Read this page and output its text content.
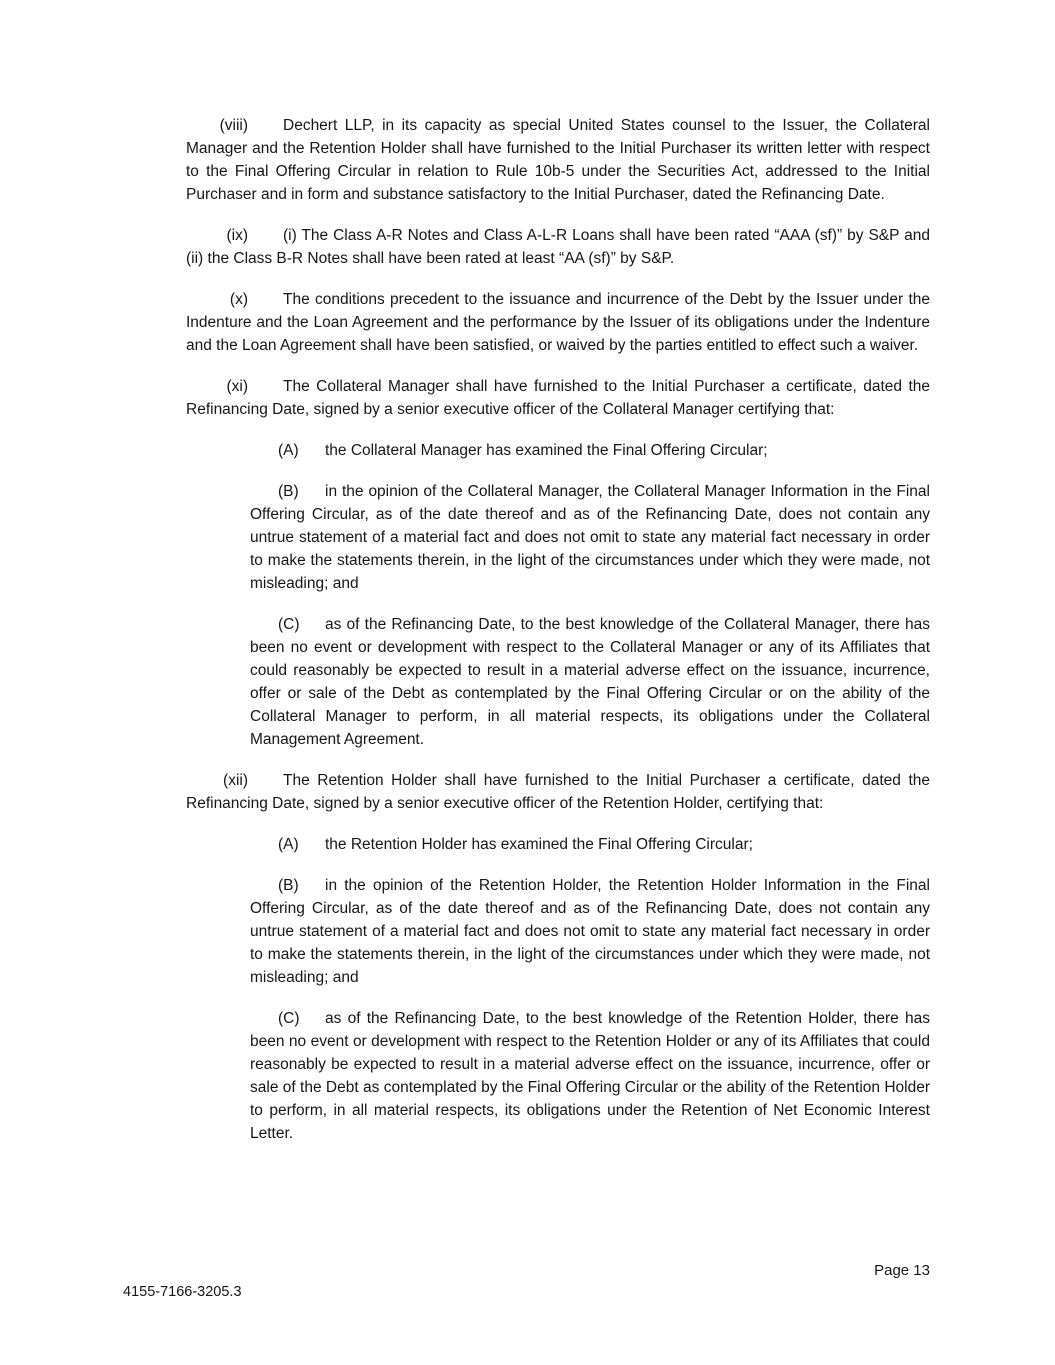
(viii) Dechert LLP, in its capacity as special United States counsel to the Issuer, the Collateral Manager and the Retention Holder shall have furnished to the Initial Purchaser its written letter with respect to the Final Offering Circular in relation to Rule 10b-5 under the Securities Act, addressed to the Initial Purchaser and in form and substance satisfactory to the Initial Purchaser, dated the Refinancing Date.

(ix) (i) The Class A-R Notes and Class A-L-R Loans shall have been rated “AAA (sf)” by S&P and (ii) the Class B-R Notes shall have been rated at least “AA (sf)” by S&P.

(x) The conditions precedent to the issuance and incurrence of the Debt by the Issuer under the Indenture and the Loan Agreement and the performance by the Issuer of its obligations under the Indenture and the Loan Agreement shall have been satisfied, or waived by the parties entitled to effect such a waiver.

(xi) The Collateral Manager shall have furnished to the Initial Purchaser a certificate, dated the Refinancing Date, signed by a senior executive officer of the Collateral Manager certifying that:

(A) the Collateral Manager has examined the Final Offering Circular;

(B) in the opinion of the Collateral Manager, the Collateral Manager Information in the Final Offering Circular, as of the date thereof and as of the Refinancing Date, does not contain any untrue statement of a material fact and does not omit to state any material fact necessary in order to make the statements therein, in the light of the circumstances under which they were made, not misleading; and

(C) as of the Refinancing Date, to the best knowledge of the Collateral Manager, there has been no event or development with respect to the Collateral Manager or any of its Affiliates that could reasonably be expected to result in a material adverse effect on the issuance, incurrence, offer or sale of the Debt as contemplated by the Final Offering Circular or on the ability of the Collateral Manager to perform, in all material respects, its obligations under the Collateral Management Agreement.

(xii) The Retention Holder shall have furnished to the Initial Purchaser a certificate, dated the Refinancing Date, signed by a senior executive officer of the Retention Holder, certifying that:

(A) the Retention Holder has examined the Final Offering Circular;

(B) in the opinion of the Retention Holder, the Retention Holder Information in the Final Offering Circular, as of the date thereof and as of the Refinancing Date, does not contain any untrue statement of a material fact and does not omit to state any material fact necessary in order to make the statements therein, in the light of the circumstances under which they were made, not misleading; and

(C) as of the Refinancing Date, to the best knowledge of the Retention Holder, there has been no event or development with respect to the Retention Holder or any of its Affiliates that could reasonably be expected to result in a material adverse effect on the issuance, incurrence, offer or sale of the Debt as contemplated by the Final Offering Circular or the ability of the Retention Holder to perform, in all material respects, its obligations under the Retention of Net Economic Interest Letter.

Page 13
4155-7166-3205.3
